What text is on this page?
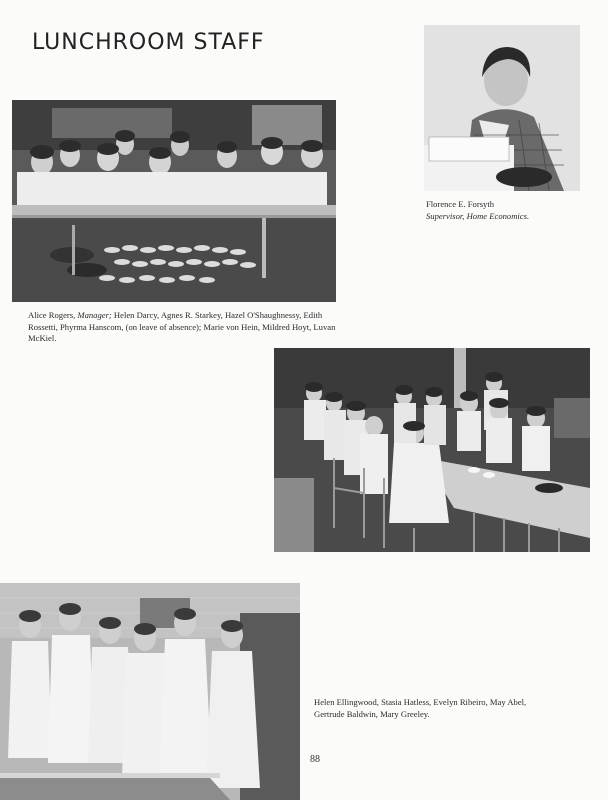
LUNCHROOM STAFF
Florence E. Forsyth
Supervisor, Home Economics.
Alice Rogers, Manager; Helen Darcy, Agnes R. Starkey, Hazel O'Shaughnessy, Edith Rossetti, Phyrma Hanscom, (on leave of absence); Marie von Hein, Mildred Hoyt, Luvan McKiel.
Helen Ellingwood, Stasia Hatless, Evelyn Ribeiro, May Abel, Gertrude Baldwin, Mary Greeley.
88
